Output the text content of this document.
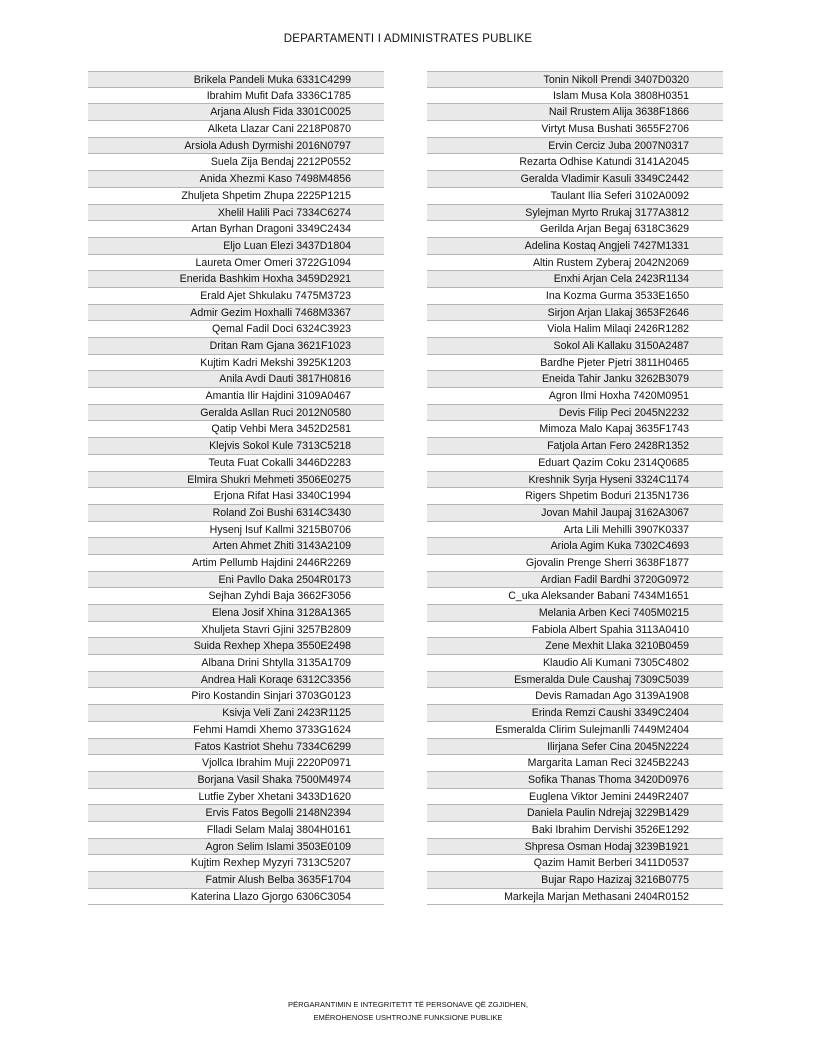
DEPARTAMENTI I ADMINISTRATES PUBLIKE
Brikela Pandeli Muka 6331C4299
Ibrahim Mufit Dafa 3336C1785
Arjana Alush Fida 3301C0025
Alketa Llazar Cani 2218P0870
Arsiola Adush Dyrmishi 2016N0797
Suela Zija Bendaj 2212P0552
Anida Xhezmi Kaso 7498M4856
Zhuljeta Shpetim Zhupa 2225P1215
Xhelil Halili Paci 7334C6274
Artan Byrhan Dragoni 3349C2434
Eljo Luan Elezi 3437D1804
Laureta Omer Omeri 3722G1094
Enerida Bashkim Hoxha 3459D2921
Erald Ajet Shkulaku 7475M3723
Admir Gezim Hoxhalli 7468M3367
Qemal Fadil Doci 6324C3923
Dritan Ram Gjana 3621F1023
Kujtim Kadri Mekshi 3925K1203
Anila Avdi Dauti 3817H0816
Amantia Ilir Hajdini 3109A0467
Geralda Asllan Ruci 2012N0580
Qatip Vehbi Mera 3452D2581
Klejvis Sokol Kule 7313C5218
Teuta Fuat Cokalli 3446D2283
Elmira Shukri Mehmeti 3506E0275
Erjona Rifat Hasi 3340C1994
Roland Zoi Bushi 6314C3430
Hysenj Isuf Kallmi 3215B0706
Arten Ahmet Zhiti 3143A2109
Artim Pellumb Hajdini 2446R2269
Eni Pavllo Daka 2504R0173
Sejhan Zyhdi Baja 3662F3056
Elena Josif Xhina 3128A1365
Xhuljeta Stavri Gjini 3257B2809
Suida Rexhep Xhepa 3550E2498
Albana Drini Shtylla 3135A1709
Andrea Hali Koraqe 6312C3356
Piro Kostandin Sinjari 3703G0123
Ksivja Veli Zani 2423R1125
Fehmi Hamdi Xhemo 3733G1624
Fatos Kastriot Shehu 7334C6299
Vjollca Ibrahim Muji 2220P0971
Borjana Vasil Shaka 7500M4974
Lutfie Zyber Xhetani 3433D1620
Ervis Fatos Begolli 2148N2394
Flladi Selam Malaj 3804H0161
Agron Selim Islami 3503E0109
Kujtim Rexhep Myzyri 7313C5207
Fatmir Alush Belba 3635F1704
Katerina Llazo Gjorgo 6306C3054
Tonin Nikoll Prendi 3407D0320
Islam Musa Kola 3808H0351
Nail Rrustem Alija 3638F1866
Virtyt Musa Bushati 3655F2706
Ervin Cerciz Juba 2007N0317
Rezarta Odhise Katundi 3141A2045
Geralda Vladimir Kasuli 3349C2442
Taulant Ilia Seferi 3102A0092
Sylejman Myrto Rrukaj 3177A3812
Gerilda Arjan Begaj 6318C3629
Adelina Kostaq Angjeli 7427M1331
Altin Rustem Zyberaj 2042N2069
Enxhi Arjan Cela 2423R1134
Ina Kozma Gurma 3533E1650
Sirjon Arjan Llakaj 3653F2646
Viola Halim Milaqi 2426R1282
Sokol Ali Kallaku 3150A2487
Bardhe Pjeter Pjetri 3811H0465
Eneida Tahir Janku 3262B3079
Agron Ilmi Hoxha 7420M0951
Devis Filip Peci 2045N2232
Mimoza Malo Kapaj 3635F1743
Fatjola Artan Fero 2428R1352
Eduart Qazim Coku 2314Q0685
Kreshnik Syrja Hyseni 3324C1174
Rigers Shpetim Boduri 2135N1736
Jovan Mahil Jaupaj 3162A3067
Arta Lili Mehilli 3907K0337
Ariola Agim Kuka 7302C4693
Gjovalin Prenge Sherri 3638F1877
Ardian Fadil Bardhi 3720G0972
C_uka Aleksander Babani 7434M1651
Melania Arben Keci 7405M0215
Fabiola Albert Spahia 3113A0410
Zene Mexhit Llaka 3210B0459
Klaudio Ali Kumani 7305C4802
Esmeralda Dule Caushaj 7309C5039
Devis Ramadan Ago 3139A1908
Erinda Remzi Caushi 3349C2404
Esmeralda Clirim Sulejmanlli 7449M2404
Ilirjana Sefer Cina 2045N2224
Margarita Laman Reci 3245B2243
Sofika Thanas Thoma 3420D0976
Euglena Viktor Jemini 2449R2407
Daniela Paulin Ndrejaj 3229B1429
Baki Ibrahim Dervishi 3526E1292
Shpresa Osman Hodaj 3239B1921
Qazim Hamit Berberi 3411D0537
Bujar Rapo Hazizaj 3216B0775
Markejla Marjan Methasani 2404R0152
PËRGARANTIMIN E INTEGRITETIT TË PERSONAVE QË ZGJIDHEN,
EMËROHENOSE USHTROJNË FUNKSIONE PUBLIKE
